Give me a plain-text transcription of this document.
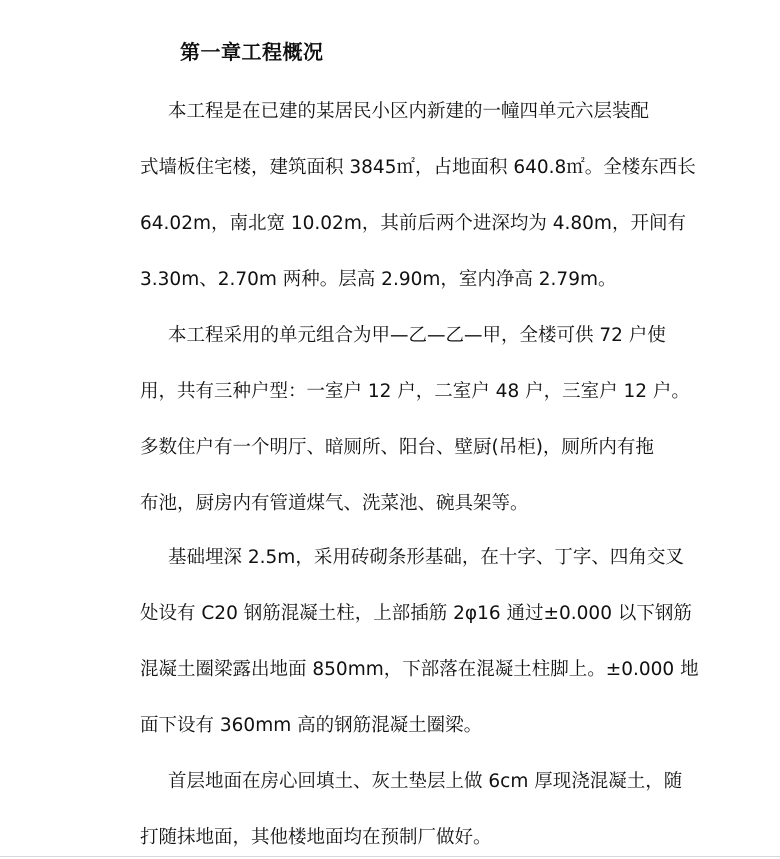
第一章工程概况
本工程是在已建的某居民小区内新建的一幢四单元六层装配
式墙板住宅楼，建筑面积 3845㎡，占地面积 640.8㎡。全楼东西长
64.02m，南北宽 10.02m，其前后两个进深均为 4.80m，开间有
3.30m、2.70m 两种。层高 2.90m，室内净高 2.79m。
本工程采用的单元组合为甲—乙—乙—甲，全楼可供 72 户使
用，共有三种户型：一室户 12 户，二室户 48 户，三室户 12 户。
多数住户有一个明厅、暗厕所、阳台、壁厨(吊柜)，厕所内有拖
布池，厨房内有管道煤气、洗菜池、碗具架等。
基础埋深 2.5m，采用砖砌条形基础，在十字、丁字、四角交叉
处设有 C20 钢筋混凝土柱，上部插筋 2φ16 通过±0.000 以下钢筋
混凝土圈梁露出地面 850mm，下部落在混凝土柱脚上。±0.000 地
面下设有 360mm 高的钢筋混凝土圈梁。
首层地面在房心回填土、灰土垫层上做 6cm 厚现浇混凝土，随
打随抹地面，其他楼地面均在预制厂做好。
